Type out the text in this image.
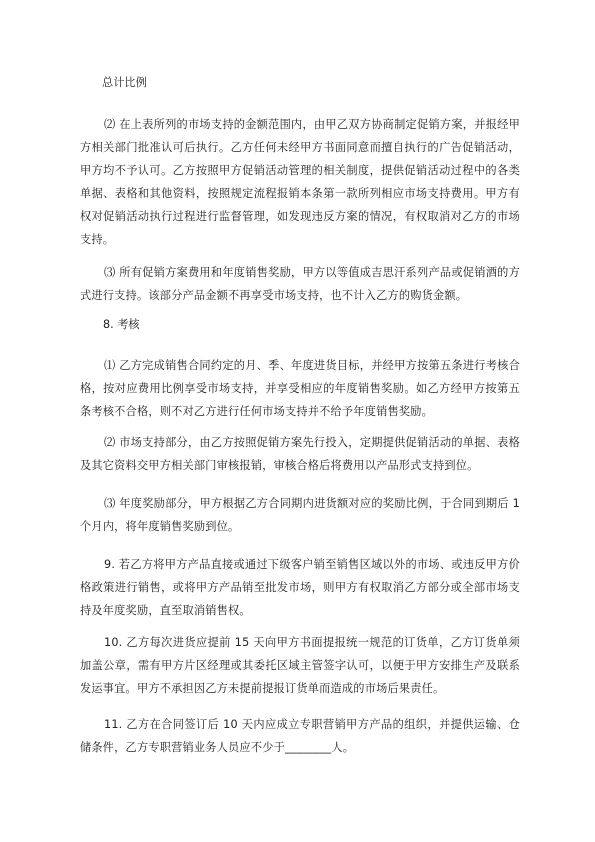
总计比例

⑵ 在上表所列的市场支持的金额范围内，由甲乙双方协商制定促销方案，并报经甲方相关部门批准认可后执行。乙方任何未经甲方书面同意而擅自执行的广告促销活动，甲方均不予认可。乙方按照甲方促销活动管理的相关制度，提供促销活动过程中的各类单据、表格和其他资料，按照规定流程报销本条第一款所列相应市场支持费用。甲方有权对促销活动执行过程进行监督管理，如发现违反方案的情况，有权取消对乙方的市场支持。

⑶ 所有促销方案费用和年度销售奖励，甲方以等值成吉思汗系列产品或促销酒的方式进行支持。该部分产品金额不再享受市场支持，也不计入乙方的购货金额。

8. 考核

⑴ 乙方完成销售合同约定的月、季、年度进货目标，并经甲方按第五条进行考核合格，按对应费用比例享受市场支持，并享受相应的年度销售奖励。如乙方经甲方按第五条考核不合格，则不对乙方进行任何市场支持并不给予年度销售奖励。

⑵ 市场支持部分，由乙方按照促销方案先行投入，定期提供促销活动的单据、表格及其它资料交甲方相关部门审核报销，审核合格后将费用以产品形式支持到位。

⑶ 年度奖励部分，甲方根据乙方合同期内进货额对应的奖励比例，于合同到期后 1 个月内，将年度销售奖励到位。

9. 若乙方将甲方产品直接或通过下级客户销至销售区域以外的市场、或违反甲方价格政策进行销售，或将甲方产品销至批发市场，则甲方有权取消乙方部分或全部市场支持及年度奖励，直至取消销售权。

10. 乙方每次进货应提前 15 天向甲方书面提报统一规范的订货单，乙方订货单须加盖公章，需有甲方片区经理或其委托区域主管签字认可，以便于甲方安排生产及联系发运事宜。甲方不承担因乙方未提前提报订货单而造成的市场后果责任。

11. 乙方在合同签订后 10 天内应成立专职营销甲方产品的组织，并提供运输、仓储条件，乙方专职营销业务人员应不少于________人。
